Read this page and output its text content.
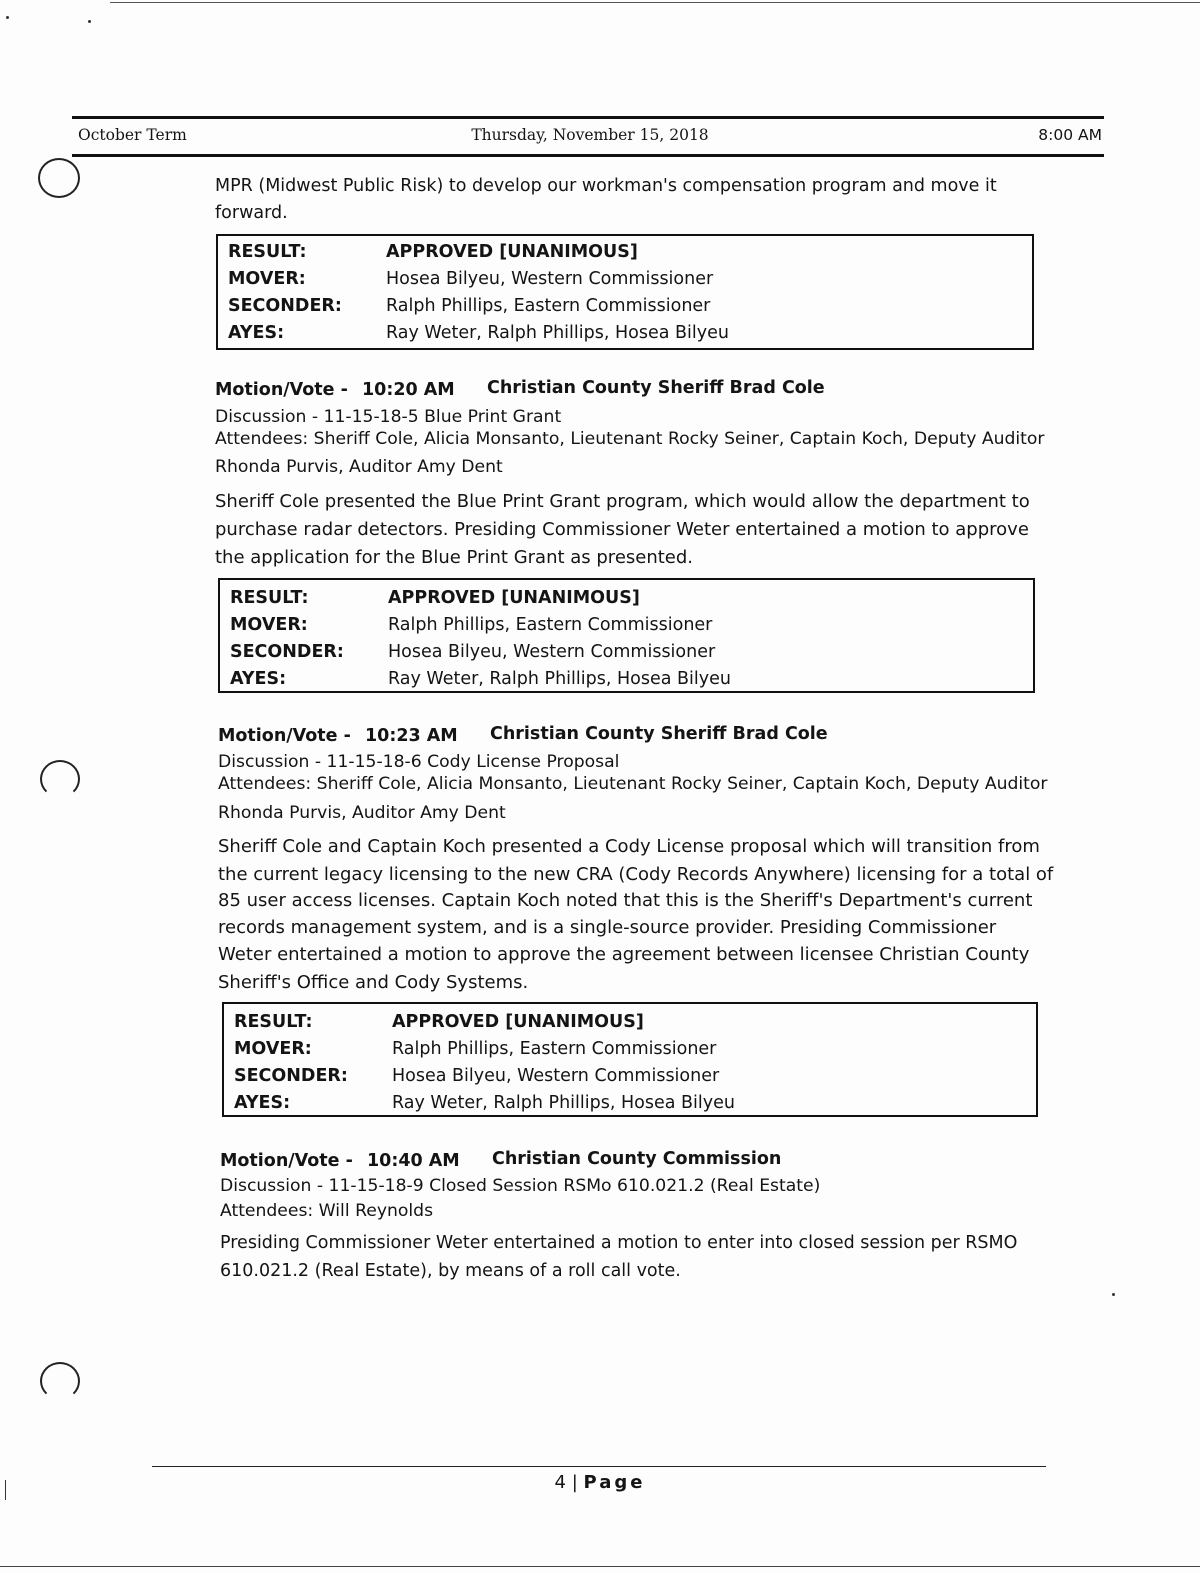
October Term	Thursday, November 15, 2018	8:00 AM
MPR (Midwest Public Risk) to develop our workman's compensation program and move it
forward.
RESULT:	APPROVED [UNANIMOUS]
MOVER:	Hosea Bilyeu, Western Commissioner
SECONDER:	Ralph Phillips, Eastern Commissioner
AYES:	Ray Weter, Ralph Phillips, Hosea Bilyeu
Motion/Vote - 10:20 AM Christian County Sheriff Brad Cole
Discussion - 11-15-18-5 Blue Print Grant
Attendees: Sheriff Cole, Alicia Monsanto, Lieutenant Rocky Seiner, Captain Koch, Deputy Auditor
Rhonda Purvis, Auditor Amy Dent
Sheriff Cole presented the Blue Print Grant program, which would allow the department to
purchase radar detectors. Presiding Commissioner Weter entertained a motion to approve
the application for the Blue Print Grant as presented.
RESULT:	APPROVED [UNANIMOUS]
MOVER:	Ralph Phillips, Eastern Commissioner
SECONDER:	Hosea Bilyeu, Western Commissioner
AYES:	Ray Weter, Ralph Phillips, Hosea Bilyeu
Motion/Vote - 10:23 AM Christian County Sheriff Brad Cole
Discussion - 11-15-18-6 Cody License Proposal
Attendees: Sheriff Cole, Alicia Monsanto, Lieutenant Rocky Seiner, Captain Koch, Deputy Auditor
Rhonda Purvis, Auditor Amy Dent
Sheriff Cole and Captain Koch presented a Cody License proposal which will transition from
the current legacy licensing to the new CRA (Cody Records Anywhere) licensing for a total of
85 user access licenses. Captain Koch noted that this is the Sheriff's Department's current
records management system, and is a single-source provider. Presiding Commissioner
Weter entertained a motion to approve the agreement between licensee Christian County
Sheriff's Office and Cody Systems.
RESULT:	APPROVED [UNANIMOUS]
MOVER:	Ralph Phillips, Eastern Commissioner
SECONDER:	Hosea Bilyeu, Western Commissioner
AYES:	Ray Weter, Ralph Phillips, Hosea Bilyeu
Motion/Vote - 10:40 AM Christian County Commission
Discussion - 11-15-18-9 Closed Session RSMo 610.021.2 (Real Estate)
Attendees: Will Reynolds
Presiding Commissioner Weter entertained a motion to enter into closed session per RSMO
610.021.2 (Real Estate), by means of a roll call vote.
4 | Page
